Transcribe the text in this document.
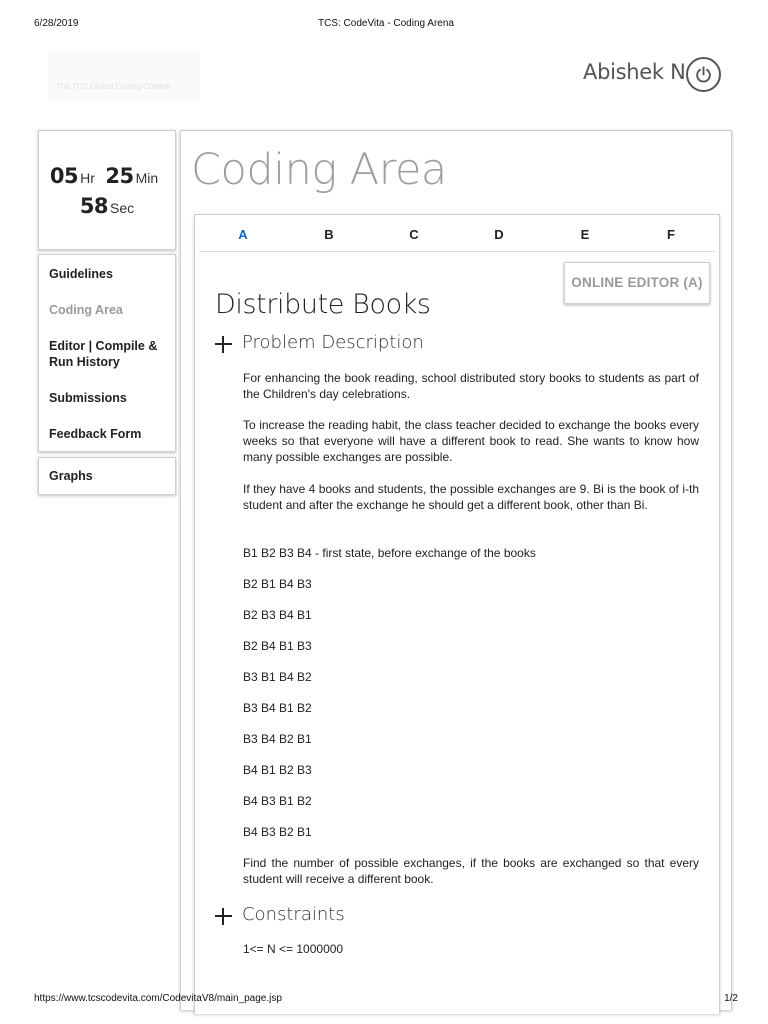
6/28/2019	TCS: CodeVita - Coding Arena
The TCS Global Coding Contest
Abishek N
05 Hr 25 Min
58 Sec
Guidelines
Coding Area
Editor | Compile & Run History
Submissions
Feedback Form
Graphs
Coding Area
A	B	C	D	E	F
ONLINE EDITOR (A)
Distribute Books
Problem Description
For enhancing the book reading, school distributed story books to students as part of the Children's day celebrations.
To increase the reading habit, the class teacher decided to exchange the books every weeks so that everyone will have a different book to read. She wants to know how many possible exchanges are possible.
If they have 4 books and students, the possible exchanges are 9. Bi is the book of i-th student and after the exchange he should get a different book, other than Bi.
B1 B2 B3 B4 - first state, before exchange of the books
B2 B1 B4 B3
B2 B3 B4 B1
B2 B4 B1 B3
B3 B1 B4 B2
B3 B4 B1 B2
B3 B4 B2 B1
B4 B1 B2 B3
B4 B3 B1 B2
B4 B3 B2 B1
Find the number of possible exchanges, if the books are exchanged so that every student will receive a different book.
Constraints
1<= N <= 1000000
https://www.tcscodevita.com/CodevitaV8/main_page.jsp	1/2
